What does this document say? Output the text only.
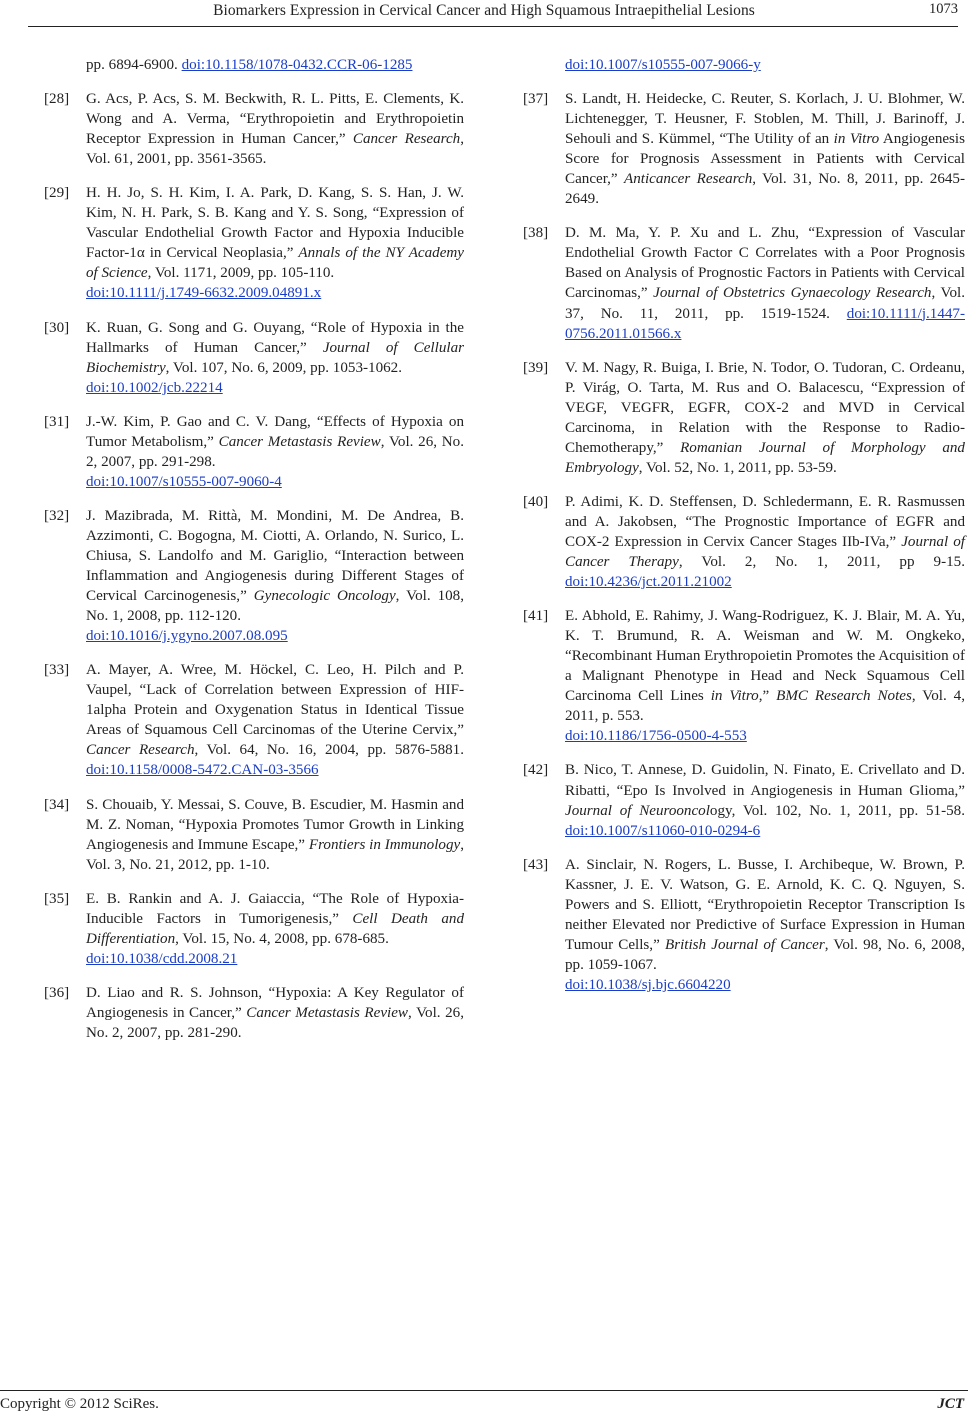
Biomarkers Expression in Cervical Cancer and High Squamous Intraepithelial Lesions	1073
pp. 6894-6900. doi:10.1158/1078-0432.CCR-06-1285
[28]	G. Acs, P. Acs, S. M. Beckwith, R. L. Pitts, E. Clements, K. Wong and A. Verma, “Erythropoietin and Erythropoietin Receptor Expression in Human Cancer,” Cancer Research, Vol. 61, 2001, pp. 3561-3565.
[29]	H. H. Jo, S. H. Kim, I. A. Park, D. Kang, S. S. Han, J. W. Kim, N. H. Park, S. B. Kang and Y. S. Song, “Expression of Vascular Endothelial Growth Factor and Hypoxia Inducible Factor-1α in Cervical Neoplasia,” Annals of the NY Academy of Science, Vol. 1171, 2009, pp. 105-110.
doi:10.1111/j.1749-6632.2009.04891.x
[30]	K. Ruan, G. Song and G. Ouyang, “Role of Hypoxia in the Hallmarks of Human Cancer,” Journal of Cellular Biochemistry, Vol. 107, No. 6, 2009, pp. 1053-1062.
doi:10.1002/jcb.22214
[31]	J.-W. Kim, P. Gao and C. V. Dang, “Effects of Hypoxia on Tumor Metabolism,” Cancer Metastasis Review, Vol. 26, No. 2, 2007, pp. 291-298.
doi:10.1007/s10555-007-9060-4
[32]	J. Mazibrada, M. Rittà, M. Mondini, M. De Andrea, B. Azzimonti, C. Bogogna, M. Ciotti, A. Orlando, N. Surico, L. Chiusa, S. Landolfo and M. Gariglio, “Interaction between Inflammation and Angiogenesis during Different Stages of Cervical Carcinogenesis,” Gynecologic Oncology, Vol. 108, No. 1, 2008, pp. 112-120.
doi:10.1016/j.ygyno.2007.08.095
[33]	A. Mayer, A. Wree, M. Höckel, C. Leo, H. Pilch and P. Vaupel, “Lack of Correlation between Expression of HIF-1alpha Protein and Oxygenation Status in Identical Tissue Areas of Squamous Cell Carcinomas of the Uterine Cervix,” Cancer Research, Vol. 64, No. 16, 2004, pp. 5876-5881. doi:10.1158/0008-5472.CAN-03-3566
[34]	S. Chouaib, Y. Messai, S. Couve, B. Escudier, M. Hasmin and M. Z. Noman, “Hypoxia Promotes Tumor Growth in Linking Angiogenesis and Immune Escape,” Frontiers in Immunology, Vol. 3, No. 21, 2012, pp. 1-10.
[35]	E. B. Rankin and A. J. Gaiaccia, “The Role of Hypoxia-Inducible Factors in Tumorigenesis,” Cell Death and Differentiation, Vol. 15, No. 4, 2008, pp. 678-685.
doi:10.1038/cdd.2008.21
[36]	D. Liao and R. S. Johnson, “Hypoxia: A Key Regulator of Angiogenesis in Cancer,” Cancer Metastasis Review, Vol. 26, No. 2, 2007, pp. 281-290.
doi:10.1007/s10555-007-9066-y
[37]	S. Landt, H. Heidecke, C. Reuter, S. Korlach, J. U. Blohmer, W. Lichtenegger, T. Heusner, F. Stoblen, M. Thill, J. Barinoff, J. Sehouli and S. Kümmel, “The Utility of an in Vitro Angiogenesis Score for Prognosis Assessment in Patients with Cervical Cancer,” Anticancer Research, Vol. 31, No. 8, 2011, pp. 2645-2649.
[38]	D. M. Ma, Y. P. Xu and L. Zhu, “Expression of Vascular Endothelial Growth Factor C Correlates with a Poor Prognosis Based on Analysis of Prognostic Factors in Patients with Cervical Carcinomas,” Journal of Obstetrics Gynaecology Research, Vol. 37, No. 11, 2011, pp. 1519-1524. doi:10.1111/j.1447-0756.2011.01566.x
[39]	V. M. Nagy, R. Buiga, I. Brie, N. Todor, O. Tudoran, C. Ordeanu, P. Virág, O. Tarta, M. Rus and O. Balacescu, “Expression of VEGF, VEGFR, EGFR, COX-2 and MVD in Cervical Carcinoma, in Relation with the Response to Radio-Chemotherapy,” Romanian Journal of Morphology and Embryology, Vol. 52, No. 1, 2011, pp. 53-59.
[40]	P. Adimi, K. D. Steffensen, D. Schledermann, E. R. Rasmussen and A. Jakobsen, “The Prognostic Importance of EGFR and COX-2 Expression in Cervix Cancer Stages IIb-IVa,” Journal of Cancer Therapy, Vol. 2, No. 1, 2011, pp 9-15. doi:10.4236/jct.2011.21002
[41]	E. Abhold, E. Rahimy, J. Wang-Rodriguez, K. J. Blair, M. A. Yu, K. T. Brumund, R. A. Weisman and W. M. Ongkeko, “Recombinant Human Erythropoietin Promotes the Acquisition of a Malignant Phenotype in Head and Neck Squamous Cell Carcinoma Cell Lines in Vitro,” BMC Research Notes, Vol. 4, 2011, p. 553.
doi:10.1186/1756-0500-4-553
[42]	B. Nico, T. Annese, D. Guidolin, N. Finato, E. Crivellato and D. Ribatti, “Epo Is Involved in Angiogenesis in Human Glioma,” Journal of Neurooncology, Vol. 102, No. 1, 2011, pp. 51-58. doi:10.1007/s11060-010-0294-6
[43]	A. Sinclair, N. Rogers, L. Busse, I. Archibeque, W. Brown, P. Kassner, J. E. V. Watson, G. E. Arnold, K. C. Q. Nguyen, S. Powers and S. Elliott, “Erythropoietin Receptor Transcription Is neither Elevated nor Predictive of Surface Expression in Human Tumour Cells,” British Journal of Cancer, Vol. 98, No. 6, 2008, pp. 1059-1067.
doi:10.1038/sj.bjc.6604220
Copyright © 2012 SciRes.	JCT
